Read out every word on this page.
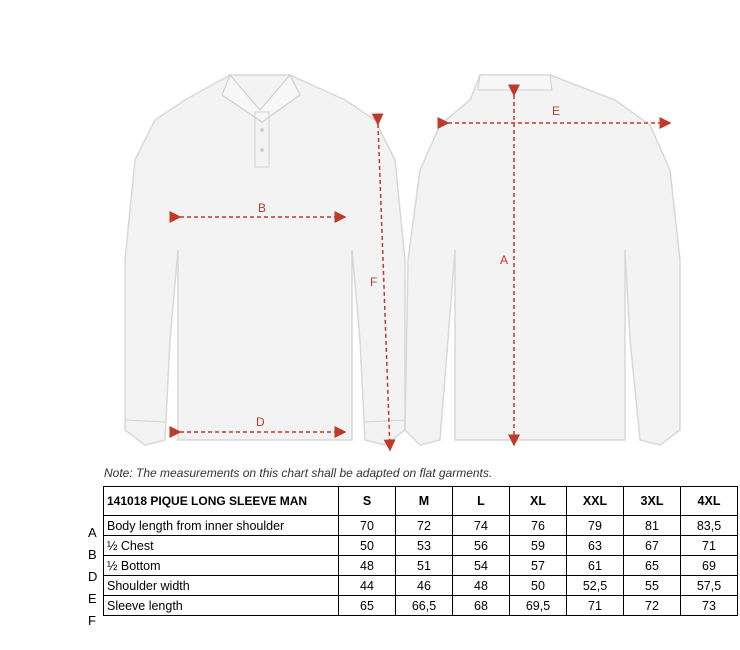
B
D
F
E
A
Note: The measurements on this chart shall be adapted on flat garments.
A
B
D
E
F
141018 PIQUE LONG SLEEVE MAN	S	M	L	XL	XXL	3XL	4XL
Body length from inner shoulder	70	72	74	76	79	81	83,5
½ Chest	50	53	56	59	63	67	71
½ Bottom	48	51	54	57	61	65	69
Shoulder width	44	46	48	50	52,5	55	57,5
Sleeve length	65	66,5	68	69,5	71	72	73
